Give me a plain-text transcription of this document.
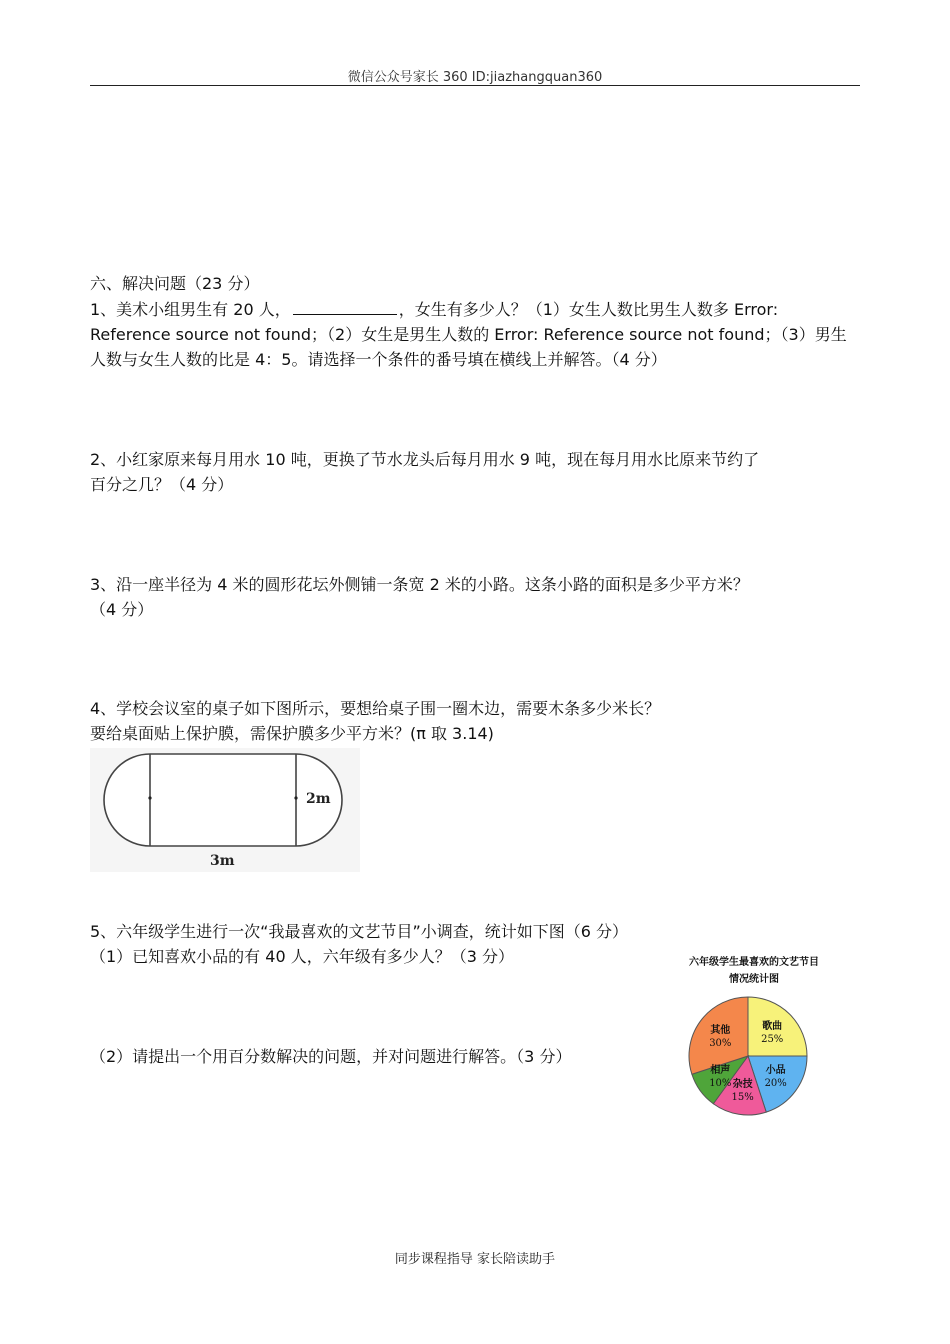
微信公众号家长 360 ID:jiazhangquan360
六、解决问题（23 分）
1、美术小组男生有 20 人，	，女生有多少人？（1）女生人数比男生人数多 Error:
Reference source not found；（2）女生是男生人数的 Error: Reference source not found；（3）男生
人数与女生人数的比是 4：5。请选择一个条件的番号填在横线上并解答。（4 分）
2、小红家原来每月用水 10 吨，更换了节水龙头后每月用水 9 吨，现在每月用水比原来节约了
百分之几？（4 分）
3、沿一座半径为 4 米的圆形花坛外侧铺一条宽 2 米的小路。这条小路的面积是多少平方米？
（4 分）
4、学校会议室的桌子如下图所示，要想给桌子围一圈木边，需要木条多少米长？
要给桌面贴上保护膜，需保护膜多少平方米？(π 取 3.14)
2m
3m
5、六年级学生进行一次“我最喜欢的文艺节目”小调查，统计如下图（6 分）
（1）已知喜欢小品的有 40 人，六年级有多少人？（3 分）
（2）请提出一个用百分数解决的问题，并对问题进行解答。（3 分）
六年级学生最喜欢的文艺节目
情况统计图
歌曲
25%
小品
20%
杂技
15%
相声
10%
其他
30%
同步课程指导 家长陪读助手
